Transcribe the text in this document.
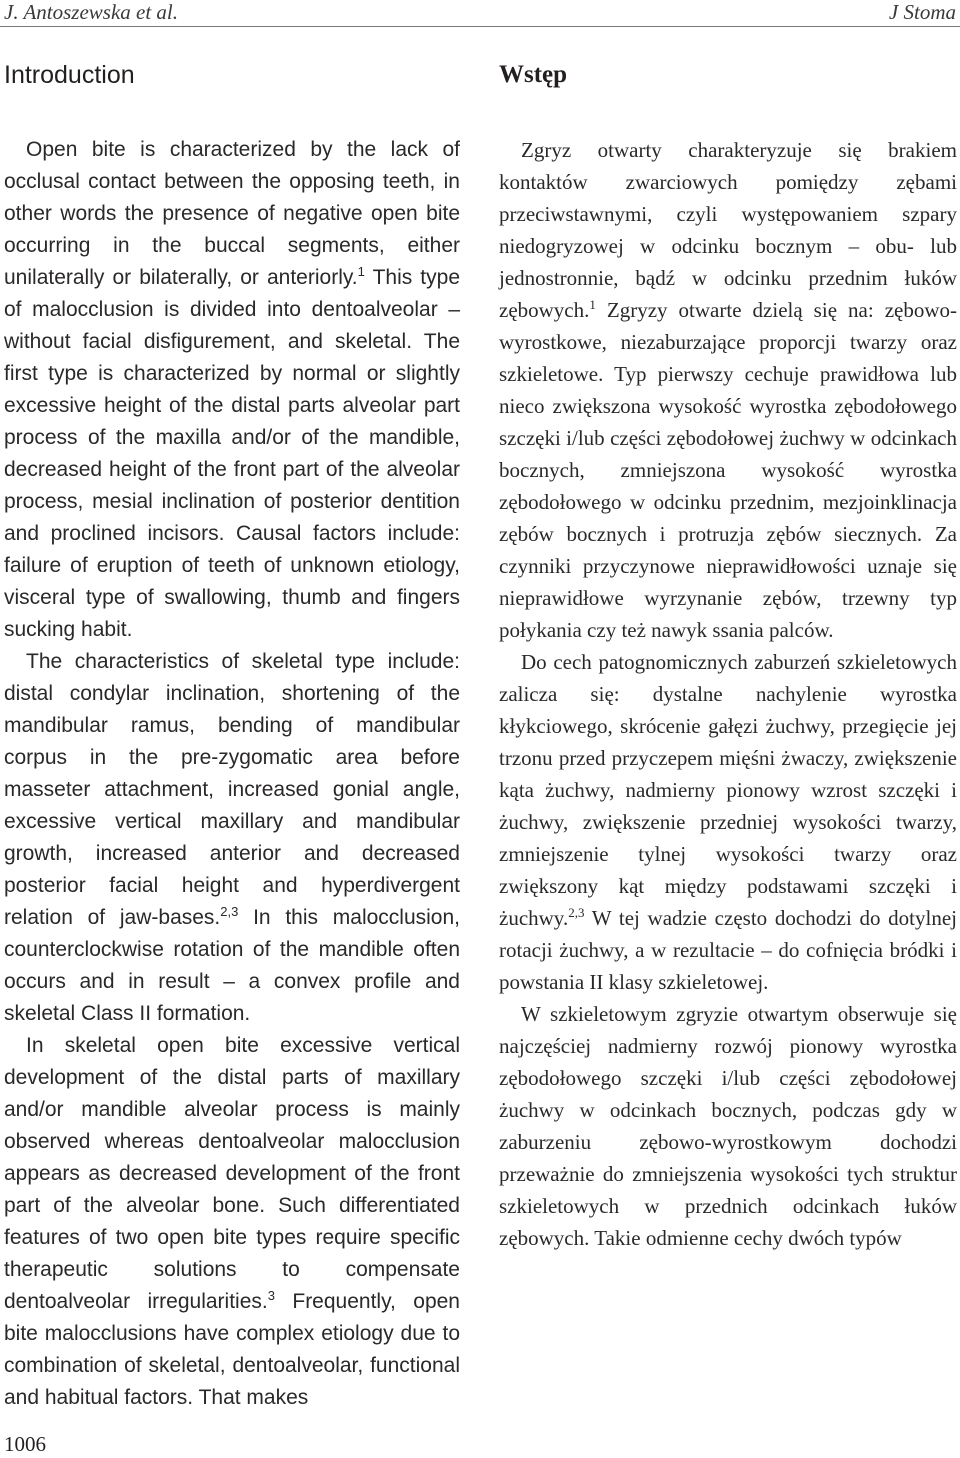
J. Antoszewska et al.	J Stoma
Introduction

Open bite is characterized by the lack of occlusal contact between the opposing teeth, in other words the presence of negative open bite occurring in the buccal segments, either unilaterally or bilaterally, or anteriorly.$^1$ This type of malocclusion is divided into dentoalveolar – without facial disfigurement, and skeletal. The first type is characterized by normal or slightly excessive height of the distal parts alveolar part process of the maxilla and/or of the mandible, decreased height of the front part of the alveolar process, mesial inclination of posterior dentition and proclined incisors. Causal factors include: failure of eruption of teeth of unknown etiology, visceral type of swallowing, thumb and fingers sucking habit.

The characteristics of skeletal type include: distal condylar inclination, shortening of the mandibular ramus, bending of mandibular corpus in the pre-zygomatic area before masseter attachment, increased gonial angle, excessive vertical maxillary and mandibular growth, increased anterior and decreased posterior facial height and hyperdivergent relation of jaw-bases.$^{2,3}$ In this malocclusion, counterclockwise rotation of the mandible often occurs and in result – a convex profile and skeletal Class II formation.

In skeletal open bite excessive vertical development of the distal parts of maxillary and/or mandible alveolar process is mainly observed whereas dentoalveolar malocclusion appears as decreased development of the front part of the alveolar bone. Such differentiated features of two open bite types require specific therapeutic solutions to compensate dentoalveolar irregularities.$^3$ Frequently, open bite malocclusions have complex etiology due to combination of skeletal, dentoalveolar, functional and habitual factors. That makes

Wstęp

Zgryz otwarty charakteryzuje się brakiem kontaktów zwarciowych pomiędzy zębami przeciwstawnymi, czyli występowaniem szpary niedogryzowej w odcinku bocznym – obu- lub jednostronnie, bądź w odcinku przednim łuków zębowych.$^1$ Zgryzy otwarte dzielą się na: zębowo-wyrostkowe, niezaburzające proporcji twarzy oraz szkieletowe. Typ pierwszy cechuje prawidłowa lub nieco zwiększona wysokość wyrostka zębodołowego szczęki i/lub części zębodołowej żuchwy w odcinkach bocznych, zmniejszona wysokość wyrostka zębodołowego w odcinku przednim, mezjoinklinacja zębów bocznych i protruzja zębów siecznych. Za czynniki przyczynowe nieprawidłowości uznaje się nieprawidłowe wyrzynanie zębów, trzewny typ połykania czy też nawyk ssania palców.

Do cech patognomicznych zaburzeń szkieletowych zalicza się: dystalne nachylenie wyrostka kłykciowego, skrócenie gałęzi żuchwy, przegięcie jej trzonu przed przyczepem mięśni żwaczy, zwiększenie kąta żuchwy, nadmierny pionowy wzrost szczęki i żuchwy, zwiększenie przedniej wysokości twarzy, zmniejszenie tylnej wysokości twarzy oraz zwiększony kąt między podstawami szczęki i żuchwy.$^{2,3}$ W tej wadzie często dochodzi do dotylnej rotacji żuchwy, a w rezultacie – do cofnięcia bródki i powstania II klasy szkieletowej.

W szkieletowym zgryzie otwartym obserwuje się najczęściej nadmierny rozwój pionowy wyrostka zębodołowego szczęki i/lub części zębodołowej żuchwy w odcinkach bocznych, podczas gdy w zaburzeniu zębowo-wyrostkowym dochodzi przeważnie do zmniejszenia wysokości tych struktur szkieletowych w przednich odcinkach łuków zębowych. Takie odmienne cechy dwóch typów

1006
